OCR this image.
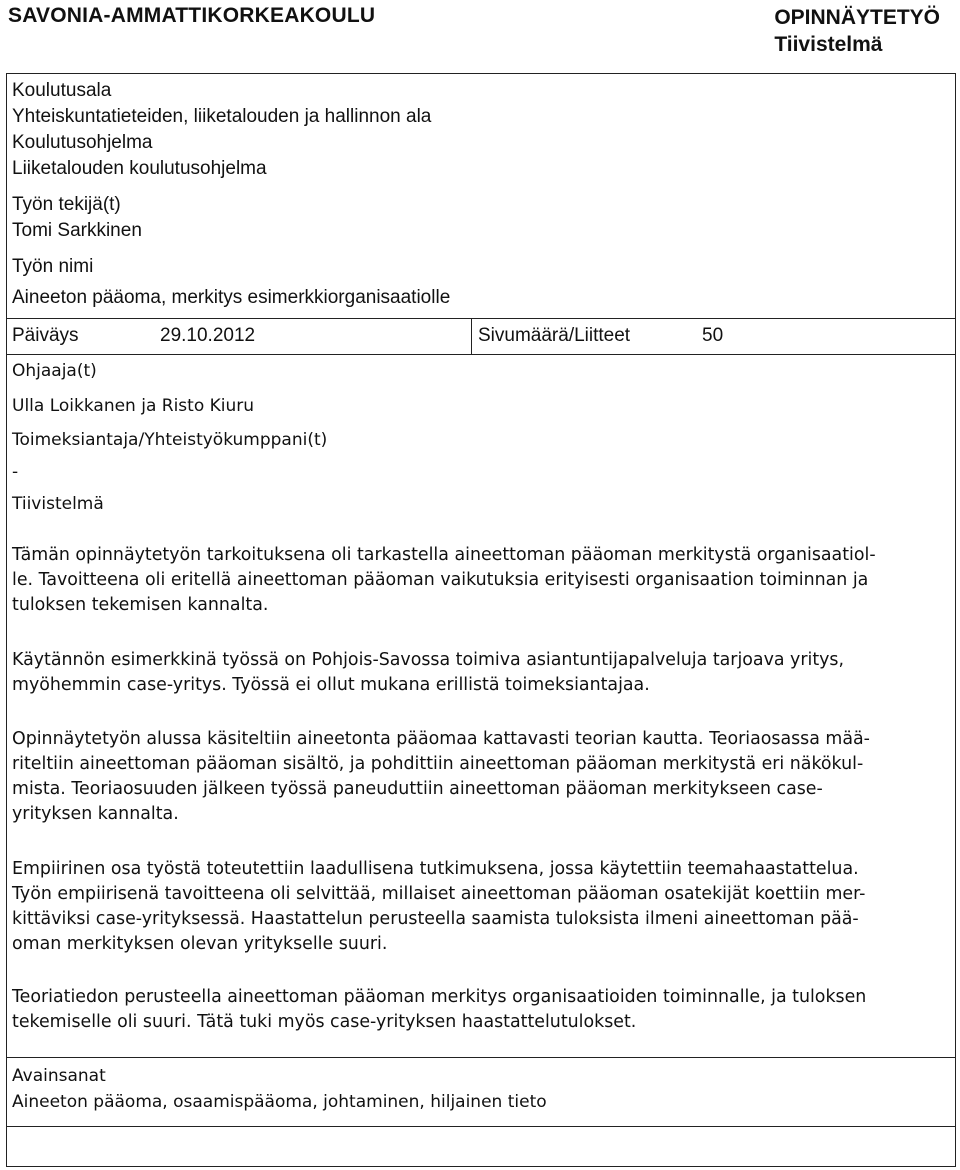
SAVONIA-AMMATTIKORKEAKOULU	OPINNÄYTETYÖ
Tiivistelmä
Koulutusala
Yhteiskuntatieteiden, liiketalouden ja hallinnon ala
Koulutusohjelma
Liiketalouden koulutusohjelma
Työn tekijä(t)
Tomi Sarkkinen
Työn nimi
Aineeton pääoma, merkitys esimerkkiorganisaatiolle
Päiväys	29.10.2012	Sivumäärä/Liitteet	50
Ohjaaja(t)
Ulla Loikkanen ja Risto Kiuru
Toimeksiantaja/Yhteistyökumppani(t)
-
Tiivistelmä

Tämän opinnäytetyön tarkoituksena oli tarkastella aineettoman pääoman merkitystä organisaatiol-

le. Tavoitteena oli eritellä aineettoman pääoman vaikutuksia erityisesti organisaation toiminnan ja

tuloksen tekemisen kannalta.

Käytännön esimerkkinä työssä on Pohjois-Savossa toimiva asiantuntijapalveluja tarjoava yritys,

myöhemmin case-yritys. Työssä ei ollut mukana erillistä toimeksiantajaa.

Opinnäytetyön alussa käsiteltiin aineetonta pääomaa kattavasti teorian kautta. Teoriaosassa mää-

riteltiin aineettoman pääoman sisältö, ja pohdittiin aineettoman pääoman merkitystä eri näkökul-

mista. Teoriaosuuden jälkeen työssä paneuduttiin aineettoman pääoman merkitykseen case-

yrityksen kannalta.

Empiirinen osa työstä toteutettiin laadullisena tutkimuksena, jossa käytettiin teemahaastattelua.

Työn empiirisenä tavoitteena oli selvittää, millaiset aineettoman pääoman osatekijät koettiin mer-

kittäviksi case-yrityksessä. Haastattelun perusteella saamista tuloksista ilmeni aineettoman pää-

oman merkityksen olevan yritykselle suuri.

Teoriatiedon perusteella aineettoman pääoman merkitys organisaatioiden toiminnalle, ja tuloksen

tekemiselle oli suuri. Tätä tuki myös case-yrityksen haastattelutulokset.

Avainsanat
Aineeton pääoma, osaamispääoma, johtaminen, hiljainen tieto
